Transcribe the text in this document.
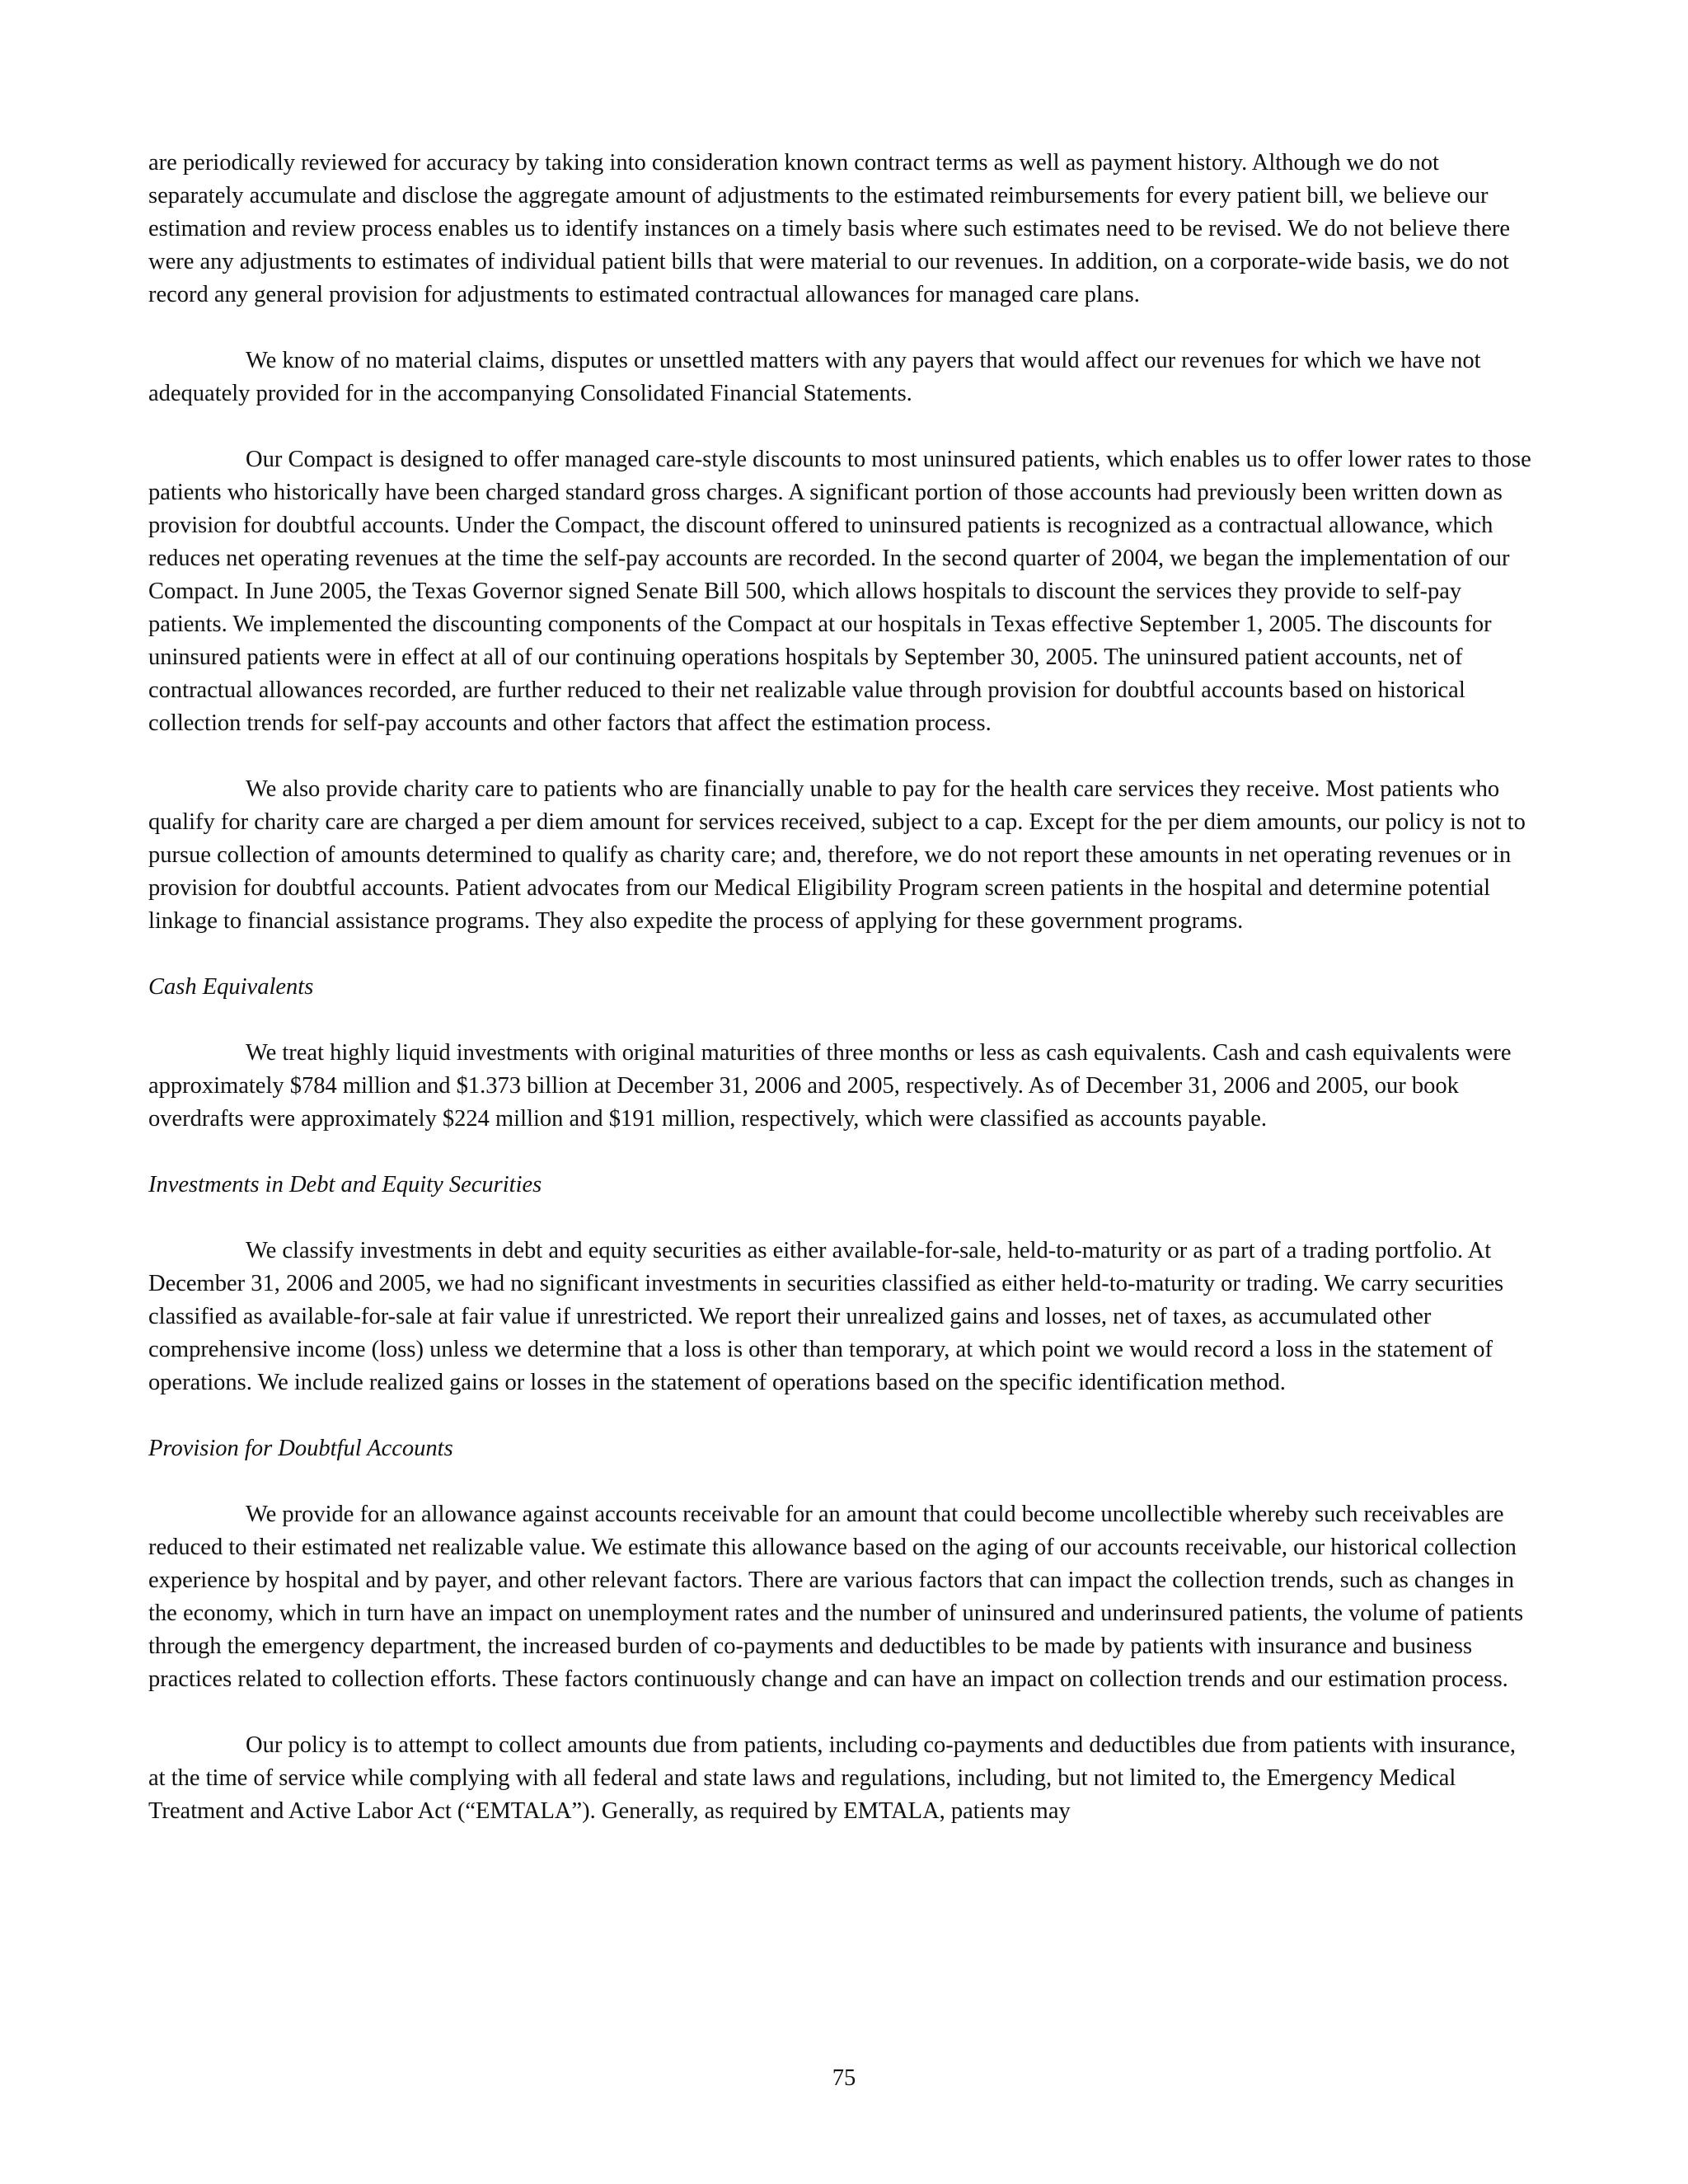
are periodically reviewed for accuracy by taking into consideration known contract terms as well as payment history. Although we do not separately accumulate and disclose the aggregate amount of adjustments to the estimated reimbursements for every patient bill, we believe our estimation and review process enables us to identify instances on a timely basis where such estimates need to be revised. We do not believe there were any adjustments to estimates of individual patient bills that were material to our revenues. In addition, on a corporate-wide basis, we do not record any general provision for adjustments to estimated contractual allowances for managed care plans.

We know of no material claims, disputes or unsettled matters with any payers that would affect our revenues for which we have not adequately provided for in the accompanying Consolidated Financial Statements.

Our Compact is designed to offer managed care-style discounts to most uninsured patients, which enables us to offer lower rates to those patients who historically have been charged standard gross charges. A significant portion of those accounts had previously been written down as provision for doubtful accounts. Under the Compact, the discount offered to uninsured patients is recognized as a contractual allowance, which reduces net operating revenues at the time the self-pay accounts are recorded. In the second quarter of 2004, we began the implementation of our Compact. In June 2005, the Texas Governor signed Senate Bill 500, which allows hospitals to discount the services they provide to self-pay patients. We implemented the discounting components of the Compact at our hospitals in Texas effective September 1, 2005. The discounts for uninsured patients were in effect at all of our continuing operations hospitals by September 30, 2005. The uninsured patient accounts, net of contractual allowances recorded, are further reduced to their net realizable value through provision for doubtful accounts based on historical collection trends for self-pay accounts and other factors that affect the estimation process.

We also provide charity care to patients who are financially unable to pay for the health care services they receive. Most patients who qualify for charity care are charged a per diem amount for services received, subject to a cap. Except for the per diem amounts, our policy is not to pursue collection of amounts determined to qualify as charity care; and, therefore, we do not report these amounts in net operating revenues or in provision for doubtful accounts. Patient advocates from our Medical Eligibility Program screen patients in the hospital and determine potential linkage to financial assistance programs. They also expedite the process of applying for these government programs.

Cash Equivalents

We treat highly liquid investments with original maturities of three months or less as cash equivalents. Cash and cash equivalents were approximately $784 million and $1.373 billion at December 31, 2006 and 2005, respectively. As of December 31, 2006 and 2005, our book overdrafts were approximately $224 million and $191 million, respectively, which were classified as accounts payable.

Investments in Debt and Equity Securities

We classify investments in debt and equity securities as either available-for-sale, held-to-maturity or as part of a trading portfolio. At December 31, 2006 and 2005, we had no significant investments in securities classified as either held-to-maturity or trading. We carry securities classified as available-for-sale at fair value if unrestricted. We report their unrealized gains and losses, net of taxes, as accumulated other comprehensive income (loss) unless we determine that a loss is other than temporary, at which point we would record a loss in the statement of operations. We include realized gains or losses in the statement of operations based on the specific identification method.

Provision for Doubtful Accounts

We provide for an allowance against accounts receivable for an amount that could become uncollectible whereby such receivables are reduced to their estimated net realizable value. We estimate this allowance based on the aging of our accounts receivable, our historical collection experience by hospital and by payer, and other relevant factors. There are various factors that can impact the collection trends, such as changes in the economy, which in turn have an impact on unemployment rates and the number of uninsured and underinsured patients, the volume of patients through the emergency department, the increased burden of co-payments and deductibles to be made by patients with insurance and business practices related to collection efforts. These factors continuously change and can have an impact on collection trends and our estimation process.

Our policy is to attempt to collect amounts due from patients, including co-payments and deductibles due from patients with insurance, at the time of service while complying with all federal and state laws and regulations, including, but not limited to, the Emergency Medical Treatment and Active Labor Act (“EMTALA”). Generally, as required by EMTALA, patients may

75
